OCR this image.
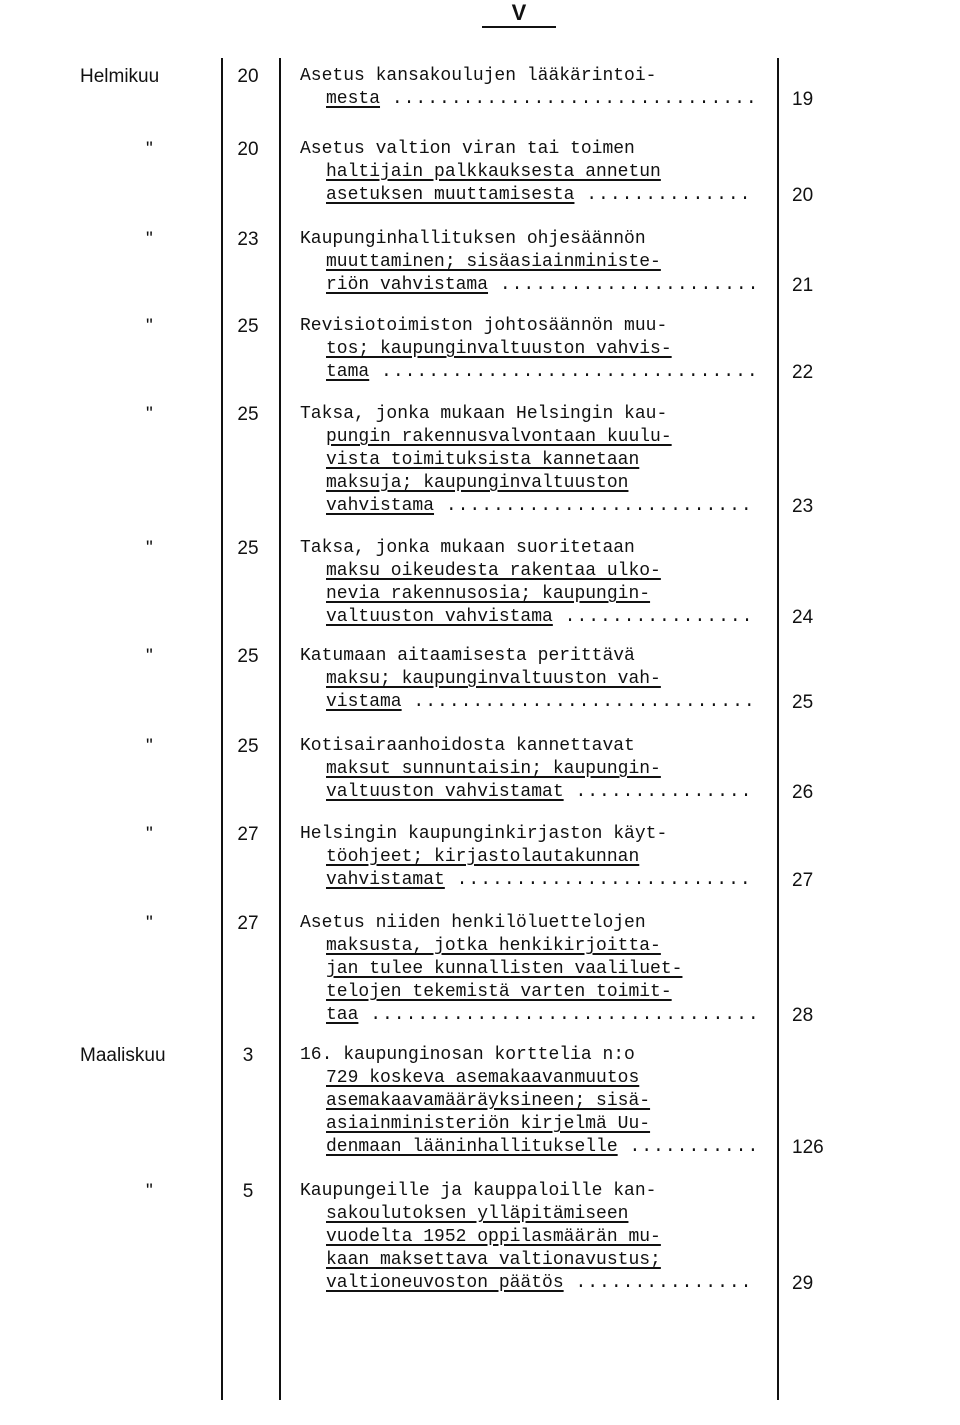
V
Helmikuu	20	Asetus kansakoulujen lääkärintoi-
mesta ............................... 19
"	20	Asetus valtion viran tai toimen
haltijain palkkauksesta annetun
asetuksen muuttamisesta ..............	20
"	23	Kaupunginhallituksen ohjesäännön
muuttaminen; sisäasiainministe-
riön vahvistama ...................... 21
"	25	Revisiotoimiston johtosäännön muu-
tos; kaupunginvaltuuston vahvis-
tama ................................ 22
"	25	Taksa, jonka mukaan Helsingin kau-
pungin rakennusvalvontaan kuulu-
vista toimituksista kannetaan
maksuja; kaupunginvaltuuston
vahvistama ..........................	23
"	25	Taksa, jonka mukaan suoritetaan
maksu oikeudesta rakentaa ulko-
nevia rakennusosia; kaupungin-
valtuuston vahvistama ................	24
"	25	Katumaan aitaamisesta perittävä
maksu; kaupunginvaltuuston vah-
vistama .............................	25
"	25	Kotisairaanhoidosta kannettavat
maksut sunnuntaisin; kaupungin-
valtuuston vahvistamat ...............	26
"	27	Helsingin kaupunginkirjaston käyt-
töohjeet; kirjastolautakunnan
vahvistamat .........................	27
"	27	Asetus niiden henkilöluettelojen
maksusta, jotka henkikirjoitta-
jan tulee kunnallisten vaaliluet-
telojen tekemistä varten toimit-
taa ................................. 28
Maaliskuu	3	16. kaupunginosan korttelia n:o
729 koskeva asemakaavanmuutos
asemakaavamääräyksineen; sisä-
asiainministeriön kirjelmä Uu-
denmaan lääninhallitukselle ........... 126
"	5	Kaupungeille ja kauppaloille kan-
sakoulutoksen ylläpitämiseen
vuodelta 1952 oppilasmäärän mu-
kaan maksettava valtionavustus;
valtioneuvoston päätös ...............	29
